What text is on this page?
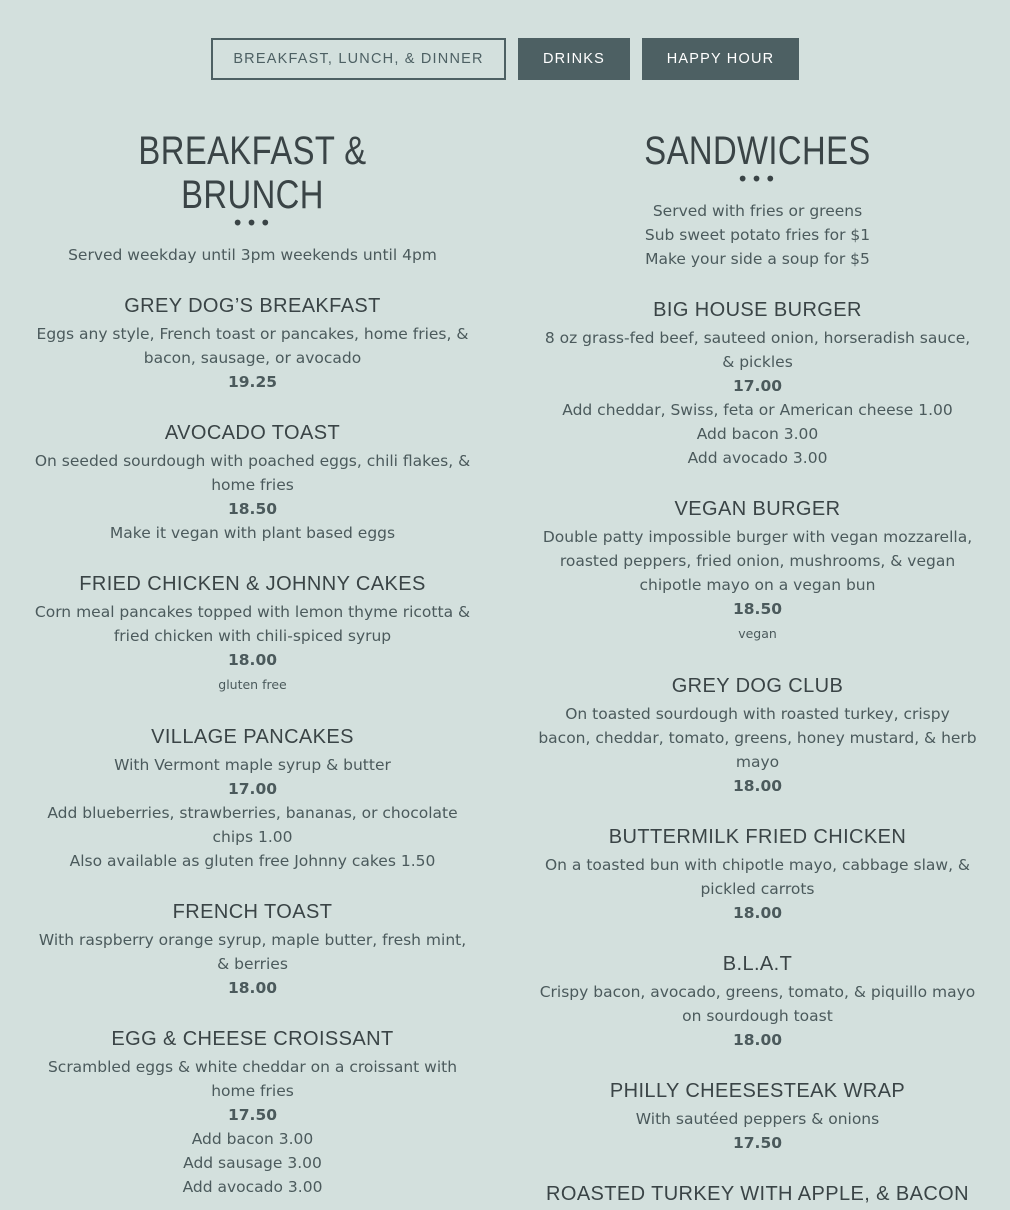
BREAKFAST, LUNCH, & DINNER	DRINKS	HAPPY HOUR
BREAKFAST & BRUNCH
•••
Served weekday until 3pm weekends until 4pm
GREY DOG’S BREAKFAST
Eggs any style, French toast or pancakes, home fries, & bacon, sausage, or avocado
19.25
AVOCADO TOAST
On seeded sourdough with poached eggs, chili flakes, & home fries
18.50
Make it vegan with plant based eggs
FRIED CHICKEN & JOHNNY CAKES
Corn meal pancakes topped with lemon thyme ricotta & fried chicken with chili-spiced syrup
18.00
gluten free
VILLAGE PANCAKES
With Vermont maple syrup & butter
17.00
Add blueberries, strawberries, bananas, or chocolate chips 1.00
Also available as gluten free Johnny cakes 1.50
FRENCH TOAST
With raspberry orange syrup, maple butter, fresh mint, & berries
18.00
EGG & CHEESE CROISSANT
Scrambled eggs & white cheddar on a croissant with home fries
17.50
Add bacon 3.00
Add sausage 3.00
Add avocado 3.00
SANDWICHES
•••
Served with fries or greens
Sub sweet potato fries for $1
Make your side a soup for $5
BIG HOUSE BURGER
8 oz grass-fed beef, sauteed onion, horseradish sauce, & pickles
17.00
Add cheddar, Swiss, feta or American cheese 1.00
Add bacon 3.00
Add avocado 3.00
VEGAN BURGER
Double patty impossible burger with vegan mozzarella, roasted peppers, fried onion, mushrooms, & vegan chipotle mayo on a vegan bun
18.50
vegan
GREY DOG CLUB
On toasted sourdough with roasted turkey, crispy bacon, cheddar, tomato, greens, honey mustard, & herb mayo
18.00
BUTTERMILK FRIED CHICKEN
On a toasted bun with chipotle mayo, cabbage slaw, & pickled carrots
18.00
B.L.A.T
Crispy bacon, avocado, greens, tomato, & piquillo mayo on sourdough toast
18.00
PHILLY CHEESESTEAK WRAP
With sautéed peppers & onions
17.50
ROASTED TURKEY WITH APPLE, & BACON
